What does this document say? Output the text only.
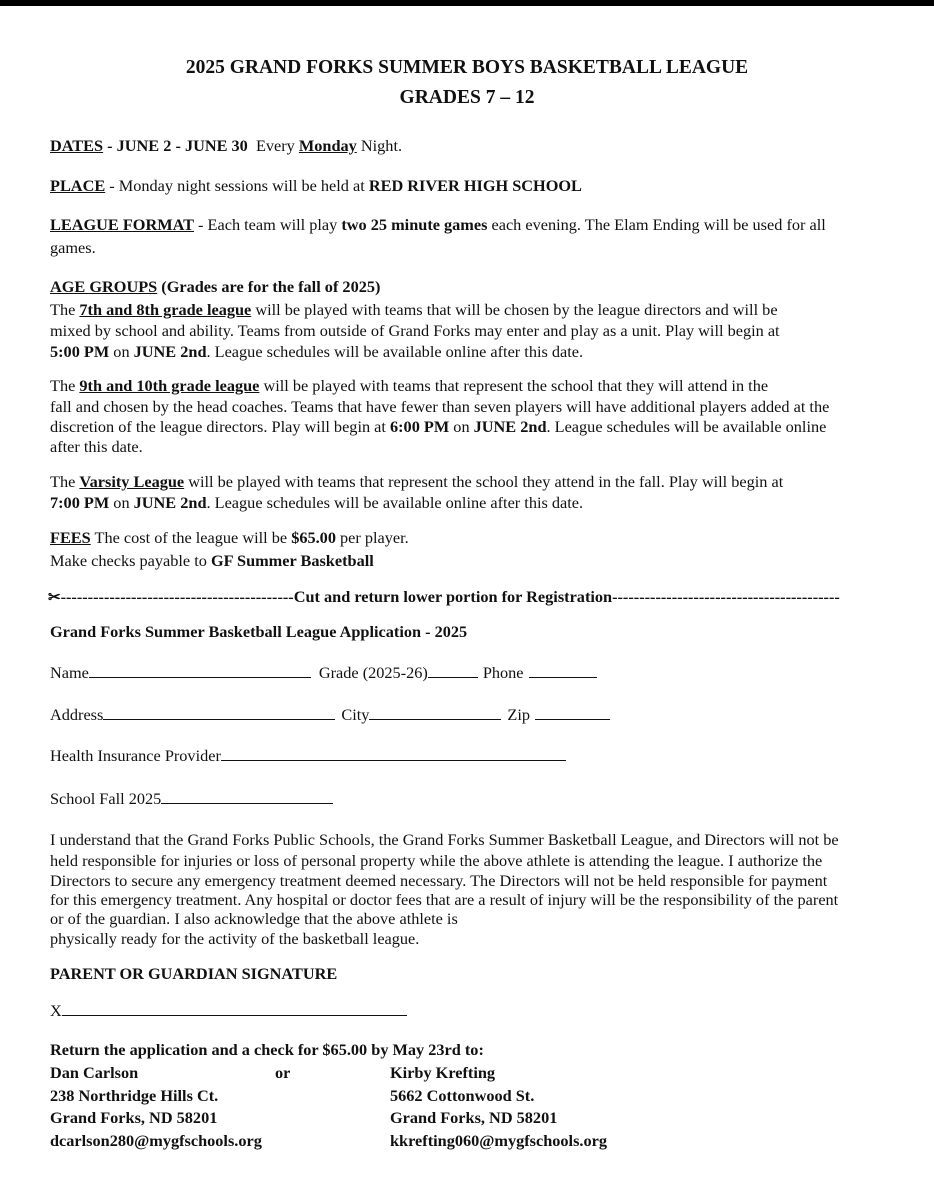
2025 GRAND FORKS SUMMER BOYS BASKETBALL LEAGUE
GRADES 7 – 12
DATES - JUNE 2 - JUNE 30  Every Monday Night.
PLACE - Monday night sessions will be held at RED RIVER HIGH SCHOOL
LEAGUE FORMAT - Each team will play two 25 minute games each evening. The Elam Ending will be used for all
games.
AGE GROUPS (Grades are for the fall of 2025)
The 7th and 8th grade league will be played with teams that will be chosen by the league directors and will be
mixed by school and ability. Teams from outside of Grand Forks may enter and play as a unit. Play will begin at
5:00 PM on JUNE 2nd. League schedules will be available online after this date.
The 9th and 10th grade league will be played with teams that represent the school that they will attend in the
fall and chosen by the head coaches. Teams that have fewer than seven players will have additional players added at the
discretion of the league directors. Play will begin at 6:00 PM on JUNE 2nd. League schedules will be available online
after this date.
The Varsity League will be played with teams that represent the school they attend in the fall. Play will begin at
7:00 PM on JUNE 2nd. League schedules will be available online after this date.
FEES The cost of the league will be $65.00 per player.
Make checks payable to GF Summer Basketball
✂-------------------------------------------Cut and return lower portion for Registration------------------------------------------
Grand Forks Summer Basketball League Application - 2025
Name	Grade (2025-26)	Phone
Address	City	Zip
Health Insurance Provider
School Fall 2025
I understand that the Grand Forks Public Schools, the Grand Forks Summer Basketball League, and Directors will not be
held responsible for injuries or loss of personal property while the above athlete is attending the league. I authorize the
Directors to secure any emergency treatment deemed necessary. The Directors will not be held responsible for payment
for this emergency treatment. Any hospital or doctor fees that are a result of injury will be the responsibility of the parent
or of the guardian. I also acknowledge that the above athlete is
physically ready for the activity of the basketball league.
PARENT OR GUARDIAN SIGNATURE
X
Return the application and a check for $65.00 by May 23rd to:
Dan Carlson	or	Kirby Krefting
238 Northridge Hills Ct.	5662 Cottonwood St.
Grand Forks, ND 58201	Grand Forks, ND 58201
dcarlson280@mygfschools.org	kkrefting060@mygfschools.org
